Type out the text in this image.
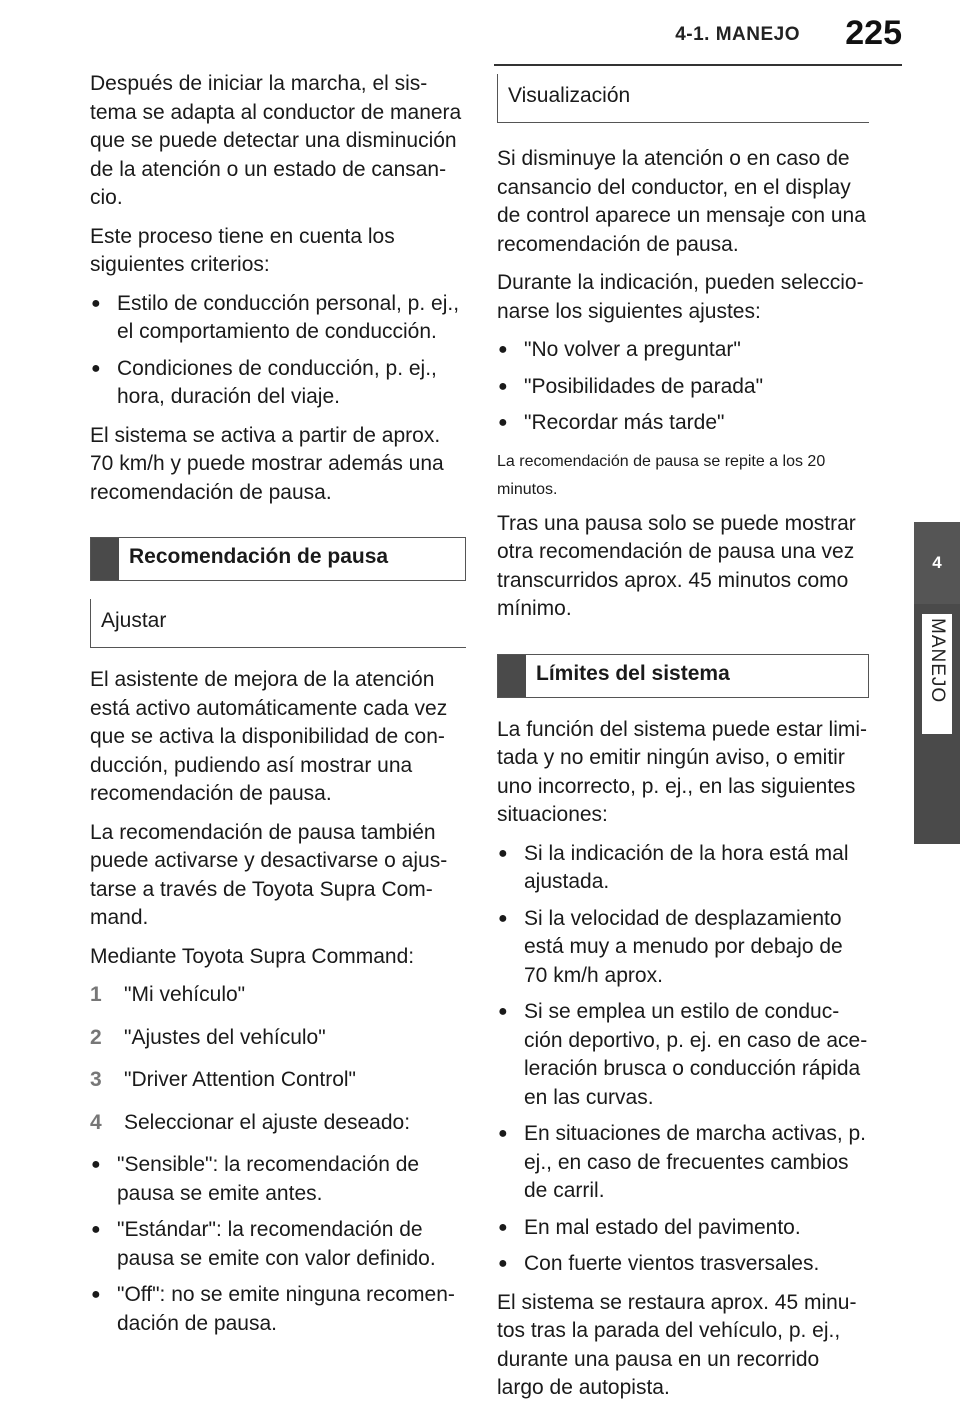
4-1. MANEJO 225
4
MANEJO

Después de iniciar la marcha, el sis-tema se adapta al conductor de manera que se puede detectar una disminución de la atención o un estado de cansan-cio.

Este proceso tiene en cuenta los siguientes criterios:

● Estilo de conducción personal, p. ej., el comportamiento de conducción.
● Condiciones de conducción, p. ej., hora, duración del viaje.

El sistema se activa a partir de aprox. 70 km/h y puede mostrar además una recomendación de pausa.

Recomendación de pausa
Ajustar

El asistente de mejora de la atención está activo automáticamente cada vez que se activa la disponibilidad de con-ducción, pudiendo así mostrar una recomendación de pausa.

La recomendación de pausa también puede activarse y desactivarse o ajus-tarse a través de Toyota Supra Com-mand.

Mediante Toyota Supra Command:

1 "Mi vehículo"
2 "Ajustes del vehículo"
3 "Driver Attention Control"
4 Seleccionar el ajuste deseado:
● "Sensible": la recomendación de pausa se emite antes.
● "Estándar": la recomendación de pausa se emite con valor definido.
● "Off": no se emite ninguna recomen-dación de pausa.
Visualización

Si disminuye la atención o en caso de cansancio del conductor, en el display de control aparece un mensaje con una recomendación de pausa.

Durante la indicación, pueden seleccio-narse los siguientes ajustes:

● "No volver a preguntar"
● "Posibilidades de parada"
● "Recordar más tarde"

La recomendación de pausa se repite a los 20 minutos.

Tras una pausa solo se puede mostrar otra recomendación de pausa una vez transcurridos aprox. 45 minutos como mínimo.

Límites del sistema

La función del sistema puede estar limi-tada y no emitir ningún aviso, o emitir uno incorrecto, p. ej., en las siguientes situaciones:

● Si la indicación de la hora está mal ajustada.
● Si la velocidad de desplazamiento está muy a menudo por debajo de 70 km/h aprox.
● Si se emplea un estilo de conduc-ción deportivo, p. ej. en caso de ace-leración brusca o conducción rápida en las curvas.
● En situaciones de marcha activas, p. ej., en caso de frecuentes cambios de carril.
● En mal estado del pavimento.
● Con fuerte vientos trasversales.

El sistema se restaura aprox. 45 minu-tos tras la parada del vehículo, p. ej., durante una pausa en un recorrido largo de autopista.
